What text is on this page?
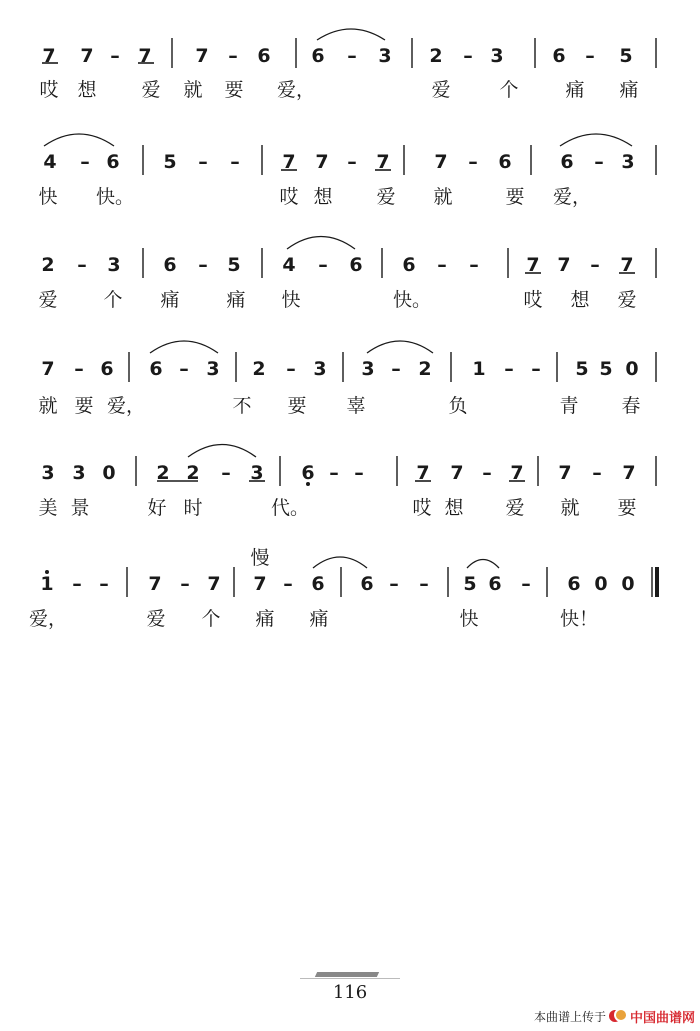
7 7 – 7 7 – 6 6 – 3 2 – 3	6 – 5
哎 想 爱 就 要 爱，	爱	个 痛 痛
4 – 6 5 – – 7 7 – 7 7 – 6	6 – 3
快 快。	哎 想 爱 就	要 爱，
2 – 3 6 – 5 4 – 6 6 – –	7 7 – 7
爱 个 痛 痛 快	快。	哎 想 爱
7 – 6 6 – 3 2 – 3 3 – 2 1 – – 5 5 0
就 要 爱，	不 要 辜	负	青 春
3 3 0 2 2 – 3 6 – –	7 7 – 7 7 – 7
美 景	好 时	代。	哎 想 爱 就 要
1 – – 7 – 7 7 – 6 6 – – 5 6 – 6 0 0
爱，	爱 个 痛 痛	快	快！
慢
116
本曲谱上传于 中国曲谱网
